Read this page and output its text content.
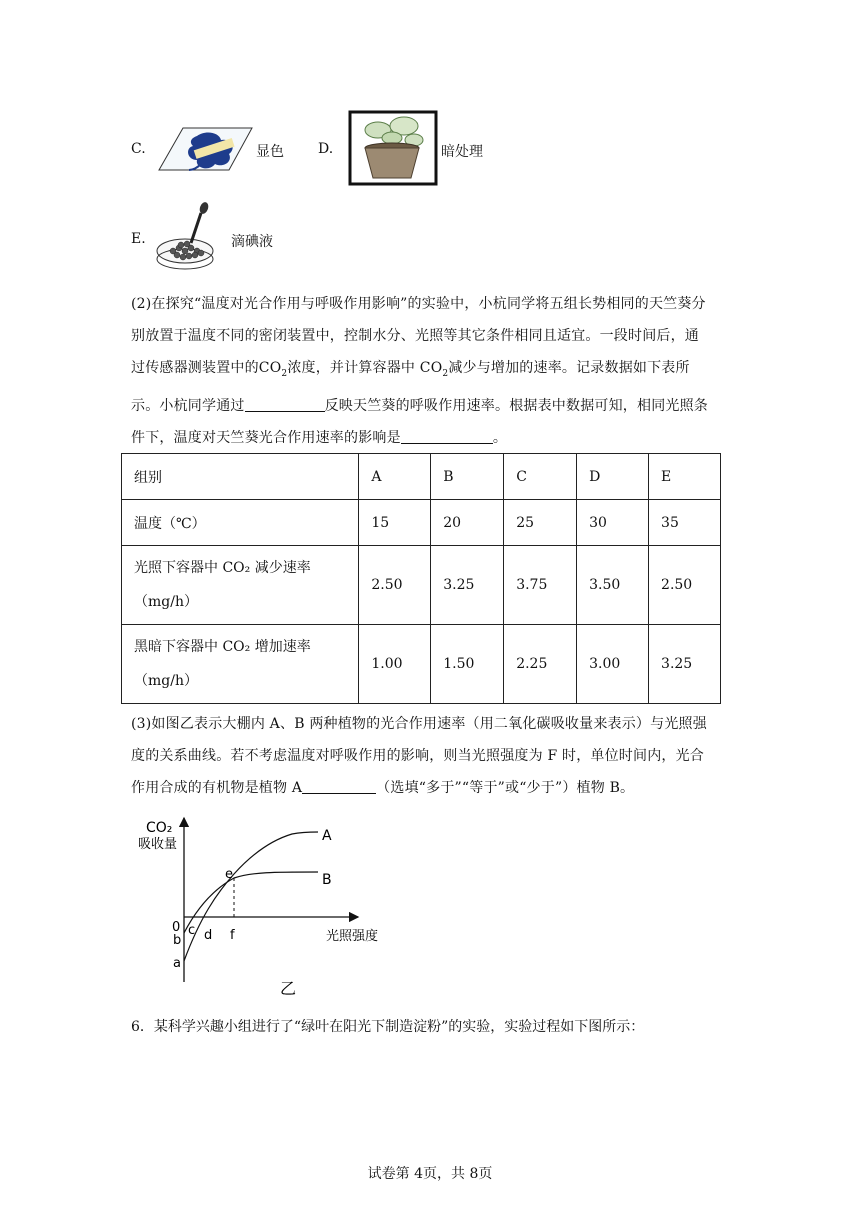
C.	显色 D.	暗处理
E.	滴碘液
(2)在探究“温度对光合作用与呼吸作用影响”的实验中，小杭同学将五组长势相同的天竺葵分
别放置于温度不同的密闭装置中，控制水分、光照等其它条件相同且适宜。一段时间后，通
过传感器测装置中的$CO_2$浓度，并计算容器中 $CO_2$减少与增加的速率。记录数据如下表所
示。小杭同学通过	反映天竺葵的呼吸作用速率。根据表中数据可知，相同光照条
件下，温度对天竺葵光合作用速率的影响是	。
组别	A	B	C	D	E
温度（℃）	15	20	25	30	35

光照下容器中 CO₂ 减少速率
（mg/h）	2.50	3.25	3.75	3.50	2.50

黑暗下容器中 CO₂ 增加速率
（mg/h）	1.00	1.50	2.25	3.00	3.25
(3)如图乙表示大棚内 A、B 两种植物的光合作用速率（用二氧化碳吸收量来表示）与光照强
度的关系曲线。若不考虑温度对呼吸作用的影响，则当光照强度为 F 时，单位时间内，光合
作用合成的有机物是植物 A	（选填“多于”“等于”或“少于”）植物 B。
CO₂
吸收量
光照强度
A
B
e
0
b
a
c d f
乙
6．某科学兴趣小组进行了“绿叶在阳光下制造淀粉”的实验，实验过程如下图所示：
试卷第 4页，共 8页
